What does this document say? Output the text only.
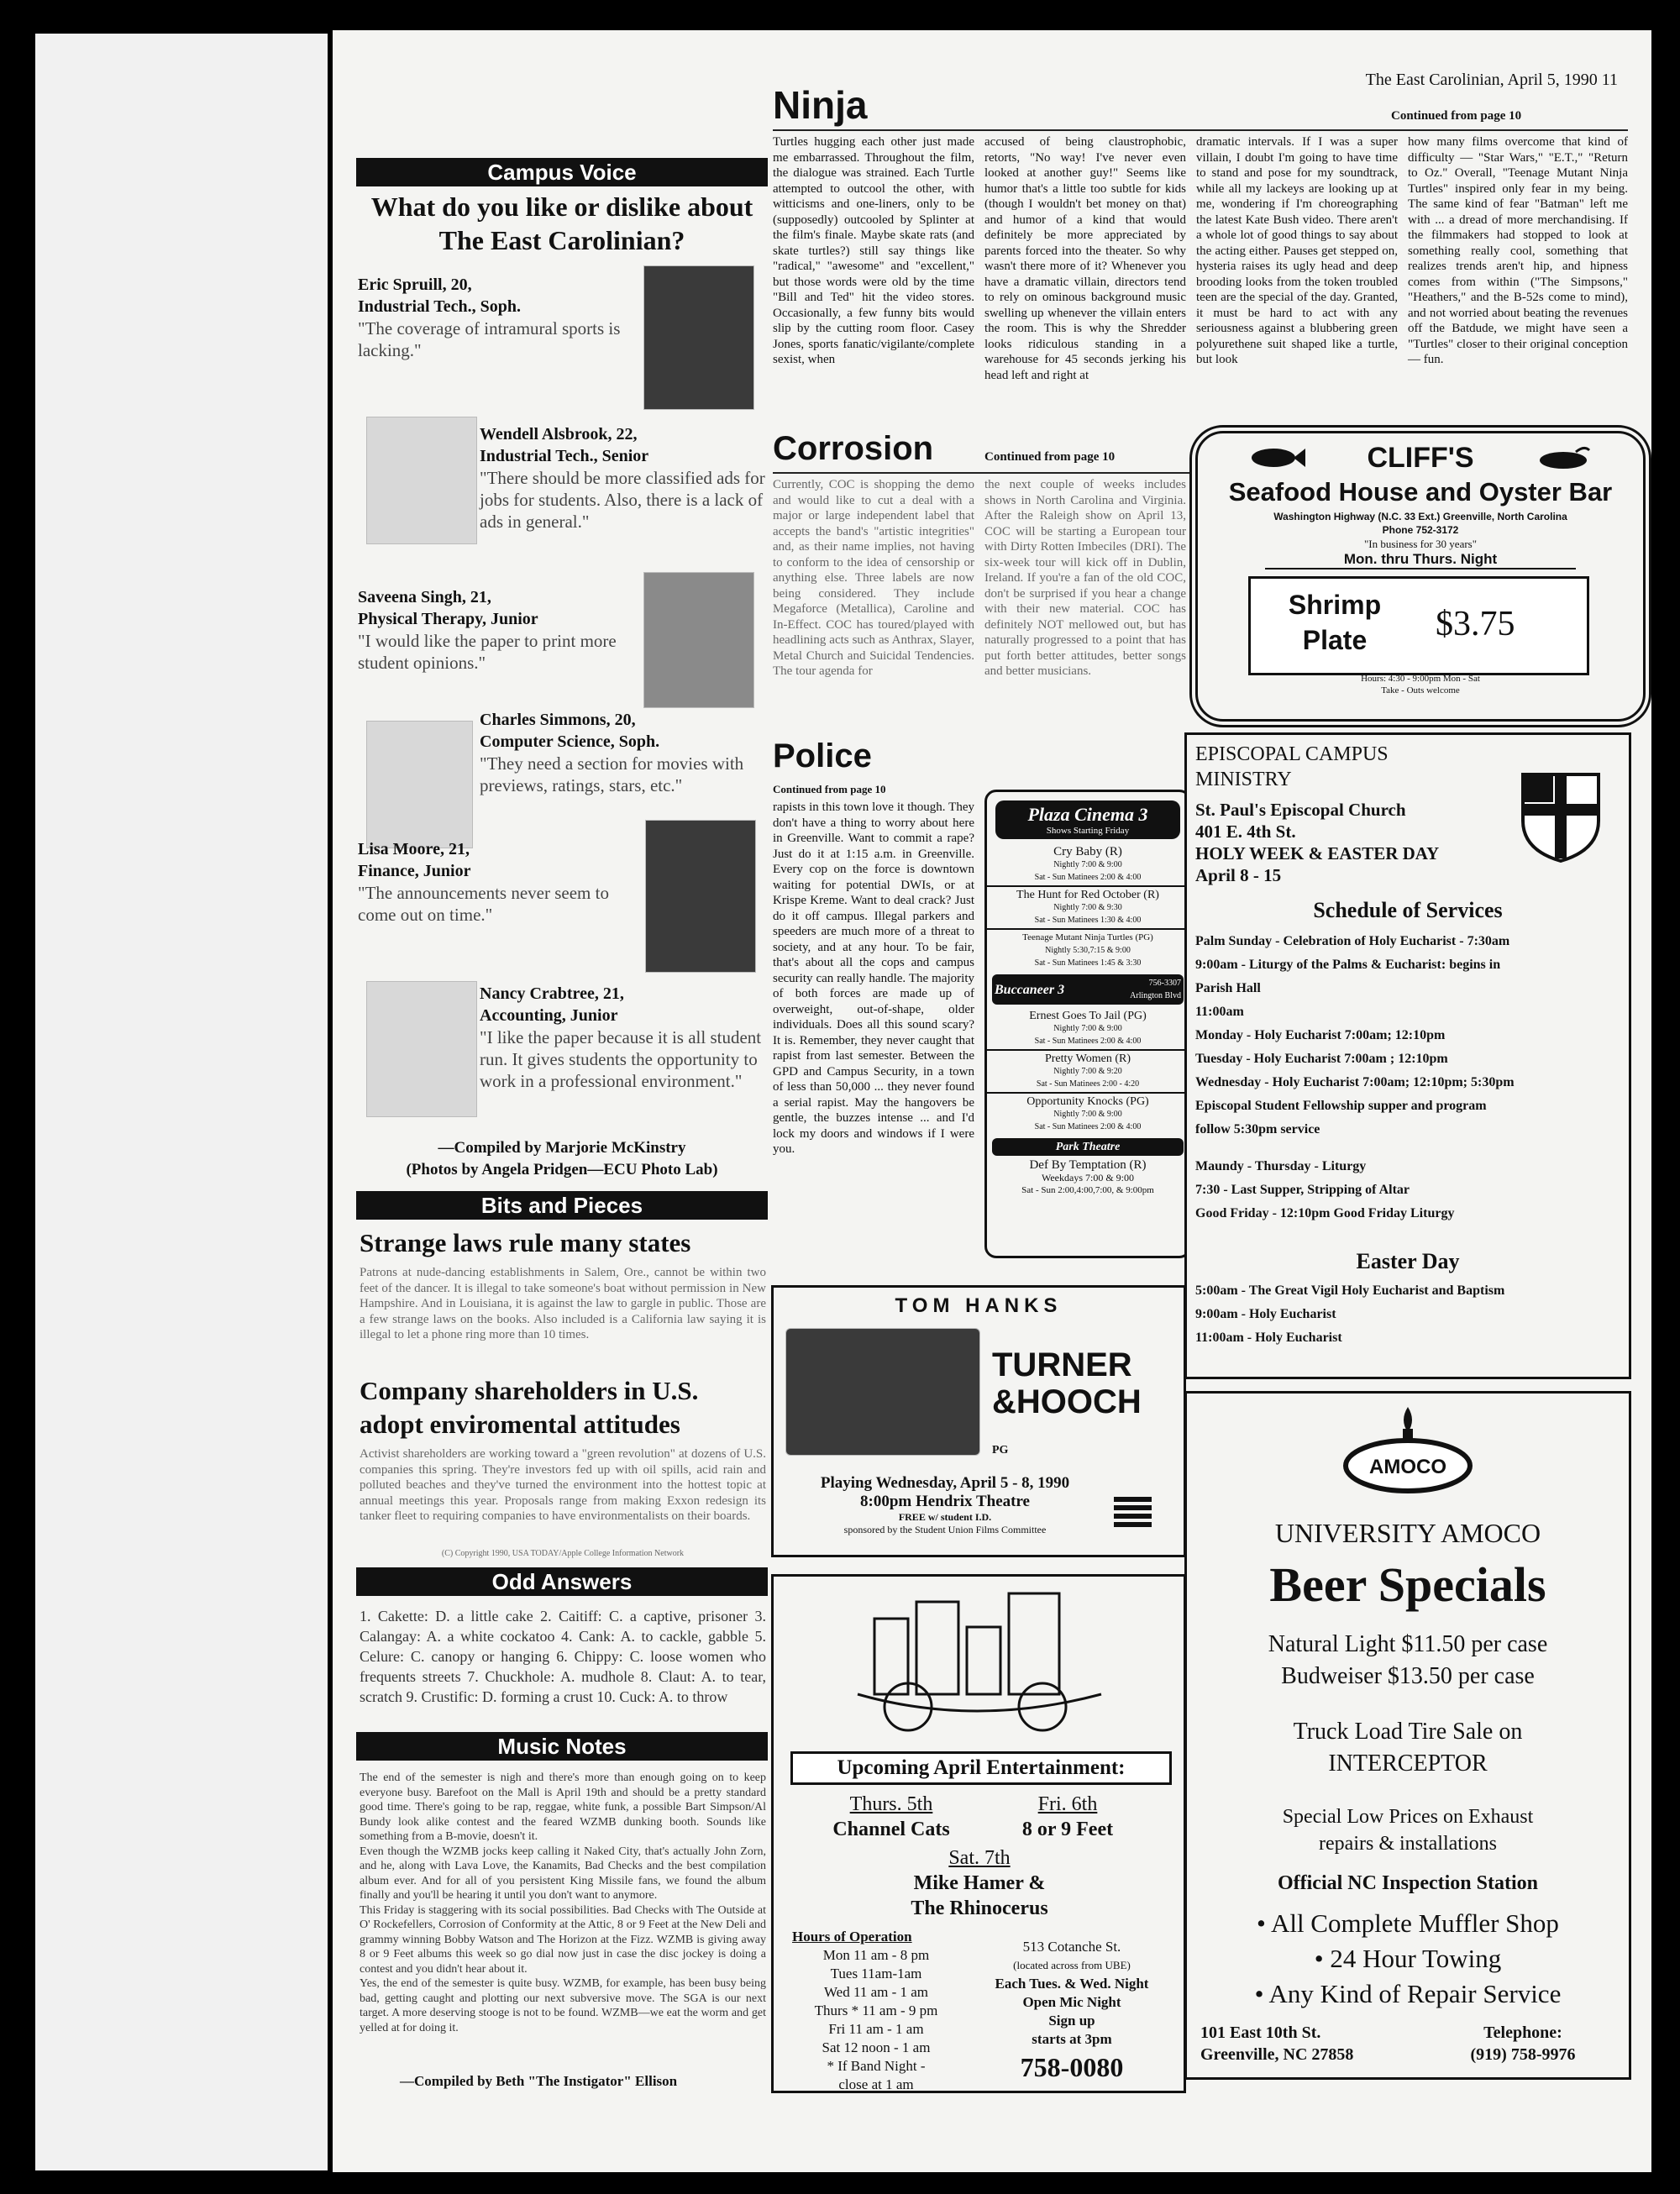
The East Carolinian, April 5, 1990 11
Campus Voice
What do you like or dislike about The East Carolinian?
Eric Spruill, 20,
Industrial Tech., Soph.
"The coverage of intramural sports is lacking."
Wendell Alsbrook, 22,
Industrial Tech., Senior
"There should be more classified ads for jobs for students. Also, there is a lack of ads in general."
Saveena Singh, 21,
Physical Therapy, Junior
"I would like the paper to print more student opinions."
Charles Simmons, 20,
Computer Science, Soph.
"They need a section for movies with previews, ratings, stars, etc."
Lisa Moore, 21,
Finance, Junior
"The announcements never seem to come out on time."
Nancy Crabtree, 21,
Accounting, Junior
"I like the paper because it is all student run. It gives students the opportunity to work in a professional environment."
—Compiled by Marjorie McKinstry
(Photos by Angela Pridgen—ECU Photo Lab)
Bits and Pieces
Strange laws rule many states
Patrons at nude-dancing establishments in Salem, Ore., cannot be within two feet of the dancer. It is illegal to take someone's boat without permission in New Hampshire. And in Louisiana, it is against the law to gargle in public. Those are a few strange laws on the books. Also included is a California law saying it is illegal to let a phone ring more than 10 times.
Company shareholders in U.S.
adopt enviromental attitudes
Activist shareholders are working toward a "green revolution" at dozens of U.S. companies this spring. They're investors fed up with oil spills, acid rain and polluted beaches and they've turned the environment into the hottest topic at annual meetings this year. Proposals range from making Exxon redesign its tanker fleet to requiring companies to have environmentalists on their boards.
(C) Copyright 1990, USA TODAY/Apple College Information Network
Odd Answers
1. Cakette: D. a little cake 2. Caitiff: C. a captive, prisoner 3. Calangay: A. a white cockatoo 4. Cank: A. to cackle, gabble 5. Celure: C. canopy or hanging 6. Chippy: C. loose women who frequents streets 7. Chuckhole: A. mudhole 8. Claut: A. to tear, scratch 9. Crustific: D. forming a crust 10. Cuck: A. to throw
Music Notes
The end of the semester is nigh and there's more than enough going on to keep everyone busy. Barefoot on the Mall is April 19th and should be a pretty standard good time. There's going to be rap, reggae, white funk, a possible Bart Simpson/Al Bundy look alike contest and the feared WZMB dunking booth. Sounds like something from a B-movie, doesn't it.
Even though the WZMB jocks keep calling it Naked City, that's actually John Zorn, and he, along with Lava Love, the Kanamits, Bad Checks and the best compilation album ever. And for all of you persistent King Missile fans, we found the album finally and you'll be hearing it until you don't want to anymore.
This Friday is staggering with its social possibilities. Bad Checks with The Outside at O' Rockefellers, Corrosion of Conformity at the Attic, 8 or 9 Feet at the New Deli and grammy winning Bobby Watson and The Horizon at the Fizz. WZMB is giving away 8 or 9 Feet albums this week so go dial now just in case the disc jockey is doing a contest and you didn't hear about it.
Yes, the end of the semester is quite busy. WZMB, for example, has been busy being bad, getting caught and plotting our next subversive move. The SGA is our next target. A more deserving stooge is not to be found. WZMB—we eat the worm and get yelled at for doing it.
—Compiled by Beth "The Instigator" Ellison
Ninja	Continued from page 10
Turtles hugging each other just made me embarrassed. Throughout the film, the dialogue was strained. Each Turtle attempted to outcool the other, with witticisms and one-liners, only to be (supposedly) outcooled by Splinter at the film's finale. Maybe skate rats (and skate turtles?) still say things like "radical," "awesome" and "excellent," but those words were old by the time "Bill and Ted" hit the video stores. Occasionally, a few funny bits would slip by the cutting room floor. Casey Jones, sports fanatic/vigilante/complete sexist, when
accused of being claustrophobic, retorts, "No way! I've never even looked at another guy!" Seems like humor that's a little too subtle for kids (though I wouldn't bet money on that) and humor of a kind that would definitely be more appreciated by parents forced into the theater. So why wasn't there more of it? Whenever you have a dramatic villain, directors tend to rely on ominous background music swelling up whenever the villain enters the room. This is why the Shredder looks ridiculous standing in a warehouse for 45 seconds jerking his head left and right at
dramatic intervals. If I was a super villain, I doubt I'm going to have time to stand and pose for my soundtrack, while all my lackeys are looking up at me, wondering if I'm choreographing the latest Kate Bush video. There aren't a whole lot of good things to say about the acting either. Pauses get stepped on, hysteria raises its ugly head and deep brooding looks from the token troubled teen are the special of the day. Granted, it must be hard to act with any seriousness against a blubbering green polyurethene suit shaped like a turtle, but look
how many films overcome that kind of difficulty — "Star Wars," "E.T.," "Return to Oz." Overall, "Teenage Mutant Ninja Turtles" inspired only fear in my being. The same kind of fear "Batman" left me with ... a dread of more merchandising. If the filmmakers had stopped to look at something really cool, something that realizes trends aren't hip, and hipness comes from within ("The Simpsons," "Heathers," and the B-52s come to mind), and not worried about beating the revenues off the Batdude, we might have seen a "Turtles" closer to their original conception — fun.
Corrosion	Continued from page 10
Currently, COC is shopping the demo and would like to cut a deal with a major or large independent label that accepts the band's "artistic integrities" and, as their name implies, not having to conform to the idea of censorship or anything else. Three labels are now being considered. They include Megaforce (Metallica), Caroline and In-Effect. COC has toured/played with headlining acts such as Anthrax, Slayer, Metal Church and Suicidal Tendencies. The tour agenda for
the next couple of weeks includes shows in North Carolina and Virginia. After the Raleigh show on April 13, COC will be starting a European tour with Dirty Rotten Imbeciles (DRI). The six-week tour will kick off in Dublin, Ireland. If you're a fan of the old COC, don't be surprised if you hear a change with their new material. COC has definitely NOT mellowed out, but has naturally progressed to a point that has put forth better attitudes, better songs and better musicians.
Police
Continued from page 10
rapists in this town love it though. They don't have a thing to worry about here in Greenville. Want to commit a rape? Just do it at 1:15 a.m. in Greenville. Every cop on the force is downtown waiting for potential DWIs, or at Krispe Kreme. Want to deal crack? Just do it off campus. Illegal parkers and speeders are much more of a threat to society, and at any hour. To be fair, that's about all the cops and campus security can really handle. The majority of both forces are made up of overweight, out-of-shape, older individuals. Does all this sound scary? It is. Remember, they never caught that rapist from last semester. Between the GPD and Campus Security, in a town of less than 50,000 ... they never found a serial rapist. May the hangovers be gentle, the buzzes intense ... and I'd lock my doors and windows if I were you.
Plaza Cinema 3
Shows Starting Friday
Cry Baby (R)
Nightly 7:00 & 9:00
Sat - Sun Matinees 2:00 & 4:00
The Hunt for Red October (R)
Nightly 7:00 & 9:30
Sat - Sun Matinees 1:30 & 4:00
Teenage Mutant Ninja Turtles (PG)
Nightly 5:30,7:15 & 9:00
Sat - Sun Matinees 1:45 & 3:30
Buccaneer 3	756-3307
Arlington Blvd
Ernest Goes To Jail (PG)
Nightly 7:00 & 9:00
Sat - Sun Matinees 2:00 & 4:00
Pretty Women (R)
Nightly 7:00 & 9:20
Sat - Sun Matinees 2:00 - 4:20
Opportunity Knocks (PG)
Nightly 7:00 & 9:00
Sat - Sun Matinees 2:00 & 4:00
Park Theatre
Def By Temptation (R)
Weekdays 7:00 & 9:00
Sat - Sun 2:00,4:00,7:00, & 9:00pm
TOM HANKS
TURNER
&HOOCH
PG
Playing Wednesday, April 5 - 8, 1990
8:00pm Hendrix Theatre
FREE w/ student I.D.
sponsored by the Student Union Films Committee
Upcoming April Entertainment:
Thurs. 5th
Channel Cats
Fri. 6th
8 or 9 Feet
Sat. 7th
Mike Hamer &
The Rhinocerus
Hours of Operation
Mon 11 am - 8 pm
Tues 11am-1am
Wed 11 am - 1 am
Thurs * 11 am - 9 pm
Fri 11 am - 1 am
Sat 12 noon - 1 am
* If Band Night -
close at 1 am
513 Cotanche St.
(located across from UBE)
Each Tues. & Wed. Night
Open Mic Night
Sign up
starts at 3pm
758-0080
CLIFF'S
Seafood House and Oyster Bar
Washington Highway (N.C. 33 Ext.) Greenville, North Carolina
Phone 752-3172
"In business for 30 years"
Mon. thru Thurs. Night
Shrimp
Plate	$3.75
Hours: 4:30 - 9:00pm Mon - Sat
Take - Outs welcome
EPISCOPAL CAMPUS
MINISTRY
St. Paul's Episcopal Church
401 E. 4th St.
HOLY WEEK & EASTER DAY
April 8 - 15
Schedule of Services
Palm Sunday - Celebration of Holy Eucharist - 7:30am
9:00am - Liturgy of the Palms & Eucharist: begins in
Parish Hall
11:00am
Monday - Holy Eucharist 7:00am; 12:10pm
Tuesday - Holy Eucharist 7:00am ; 12:10pm
Wednesday - Holy Eucharist 7:00am; 12:10pm; 5:30pm
Episcopal Student Fellowship supper and program
follow 5:30pm service
Maundy - Thursday - Liturgy
7:30 - Last Supper, Stripping of Altar
Good Friday - 12:10pm Good Friday Liturgy
Easter Day
5:00am - The Great Vigil Holy Eucharist and Baptism
9:00am - Holy Eucharist
11:00am - Holy Eucharist
AMOCO
UNIVERSITY AMOCO
Beer Specials
Natural Light $11.50 per case
Budweiser $13.50 per case
Truck Load Tire Sale on
INTERCEPTOR
Special Low Prices on Exhaust
repairs & installations
Official NC Inspection Station
• All Complete Muffler Shop
• 24 Hour Towing
• Any Kind of Repair Service
101 East 10th St.
Greenville, NC 27858
Telephone:
(919) 758-9976
